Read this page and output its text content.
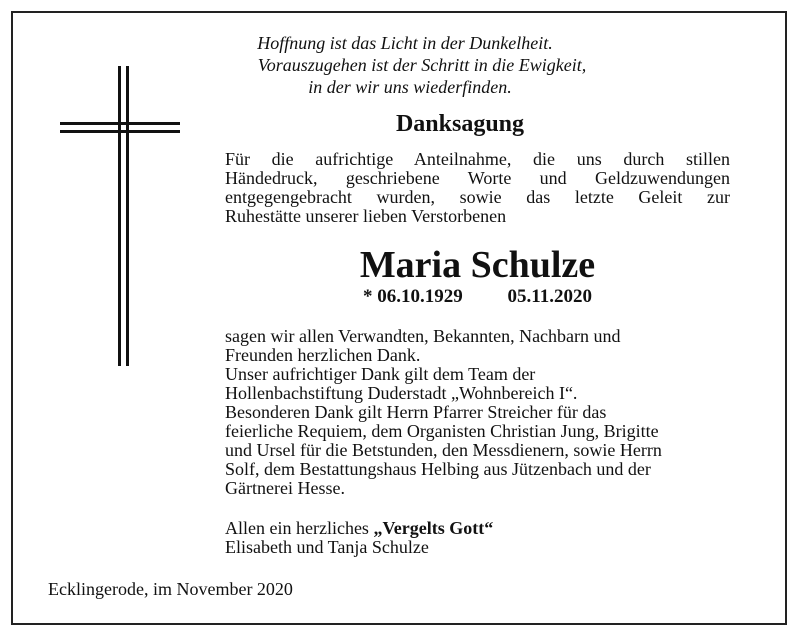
Hoffnung ist das Licht in der Dunkelheit.
Vorauszugehen ist der Schritt in die Ewigkeit,
in der wir uns wiederfinden.
Danksagung
Für die aufrichtige Anteilnahme, die uns durch stillen
Händedruck, geschriebene Worte und Geldzuwendungen
entgegengebracht wurden, sowie das letzte Geleit zur
Ruhestätte unserer lieben Verstorbenen
Maria Schulze
* 06.10.1929 05.11.2020
sagen wir allen Verwandten, Bekannten, Nachbarn und
Freunden herzlichen Dank.
Unser aufrichtiger Dank gilt dem Team der
Hollenbachstiftung Duderstadt „Wohnbereich I“.
Besonderen Dank gilt Herrn Pfarrer Streicher für das
feierliche Requiem, dem Organisten Christian Jung, Brigitte
und Ursel für die Betstunden, den Messdienern, sowie Herrn
Solf, dem Bestattungshaus Helbing aus Jützenbach und der
Gärtnerei Hesse.
Allen ein herzliches „Vergelts Gott“
Elisabeth und Tanja Schulze
Ecklingerode, im November 2020
